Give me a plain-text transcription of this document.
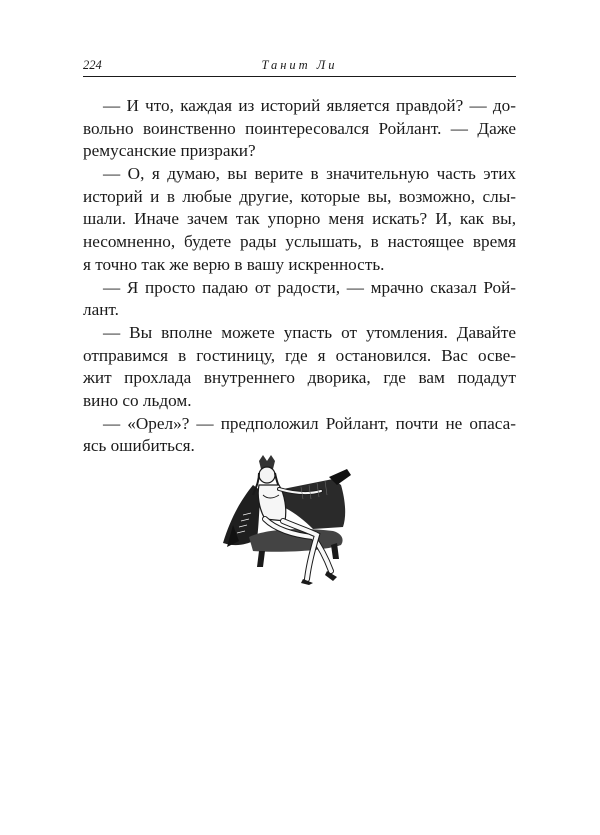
224	Танит Ли

— И что, каждая из историй является правдой? — до-
вольно воинственно поинтересовался Ройлант. — Даже
ремусанские призраки?

— О, я думаю, вы верите в значительную часть этих
историй и в любые другие, которые вы, возможно, слы-
шали. Иначе зачем так упорно меня искать? И, как вы,
несомненно, будете рады услышать, в настоящее время
я точно так же верю в вашу искренность.

— Я просто падаю от радости, — мрачно сказал Рой-
лант.

— Вы вполне можете упасть от утомления. Давайте
отправимся в гостиницу, где я остановился. Вас осве-
жит прохлада внутреннего дворика, где вам подадут
вино со льдом.

— «Орел»? — предположил Ройлант, почти не опаса-
ясь ошибиться.
